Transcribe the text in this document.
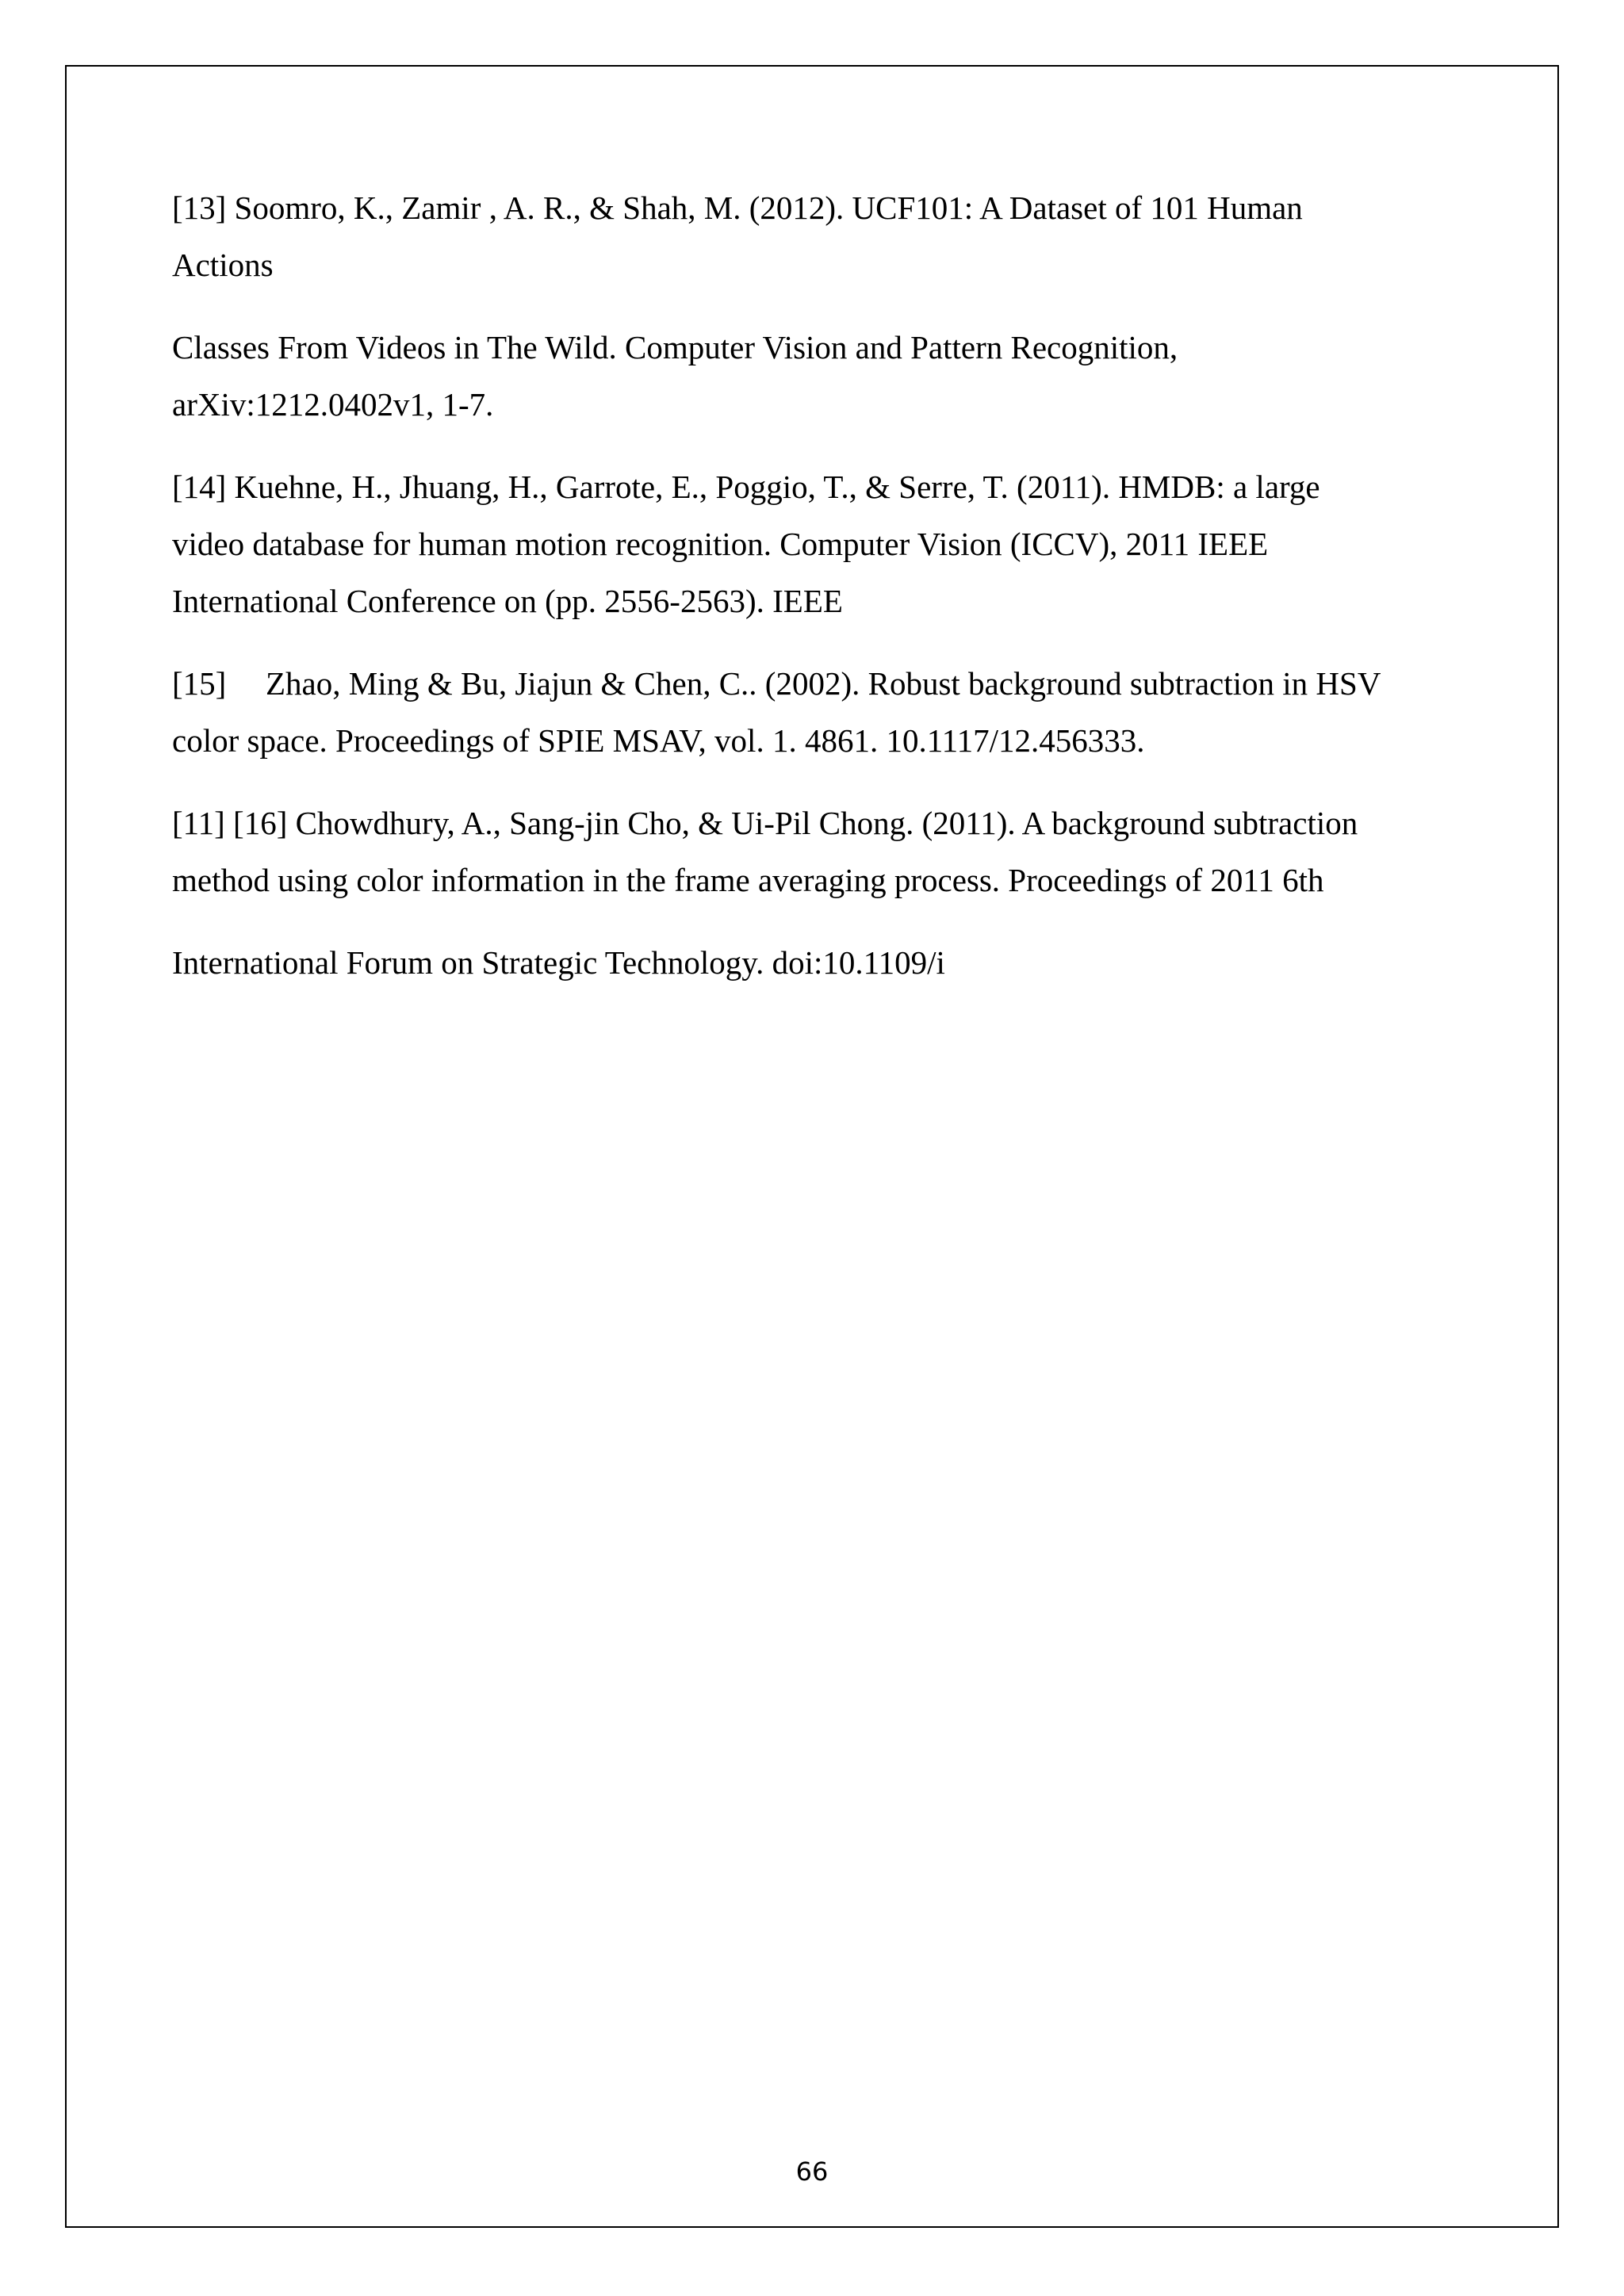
[13] Soomro, K., Zamir , A. R., & Shah, M. (2012). UCF101: A Dataset of 101 Human
Actions
Classes From Videos in The Wild. Computer Vision and Pattern Recognition,
arXiv:1212.0402v1, 1-7.
[14] Kuehne, H., Jhuang, H., Garrote, E., Poggio, T., & Serre, T. (2011). HMDB: a large
video database for human motion recognition. Computer Vision (ICCV), 2011 IEEE
International Conference on (pp. 2556-2563). IEEE
[15] Zhao, Ming & Bu, Jiajun & Chen, C.. (2002). Robust background subtraction in HSV
color space. Proceedings of SPIE MSAV, vol. 1. 4861. 10.1117/12.456333.
[11] [16] Chowdhury, A., Sang-jin Cho, & Ui-Pil Chong. (2011). A background subtraction
method using color information in the frame averaging process. Proceedings of 2011 6th
International Forum on Strategic Technology. doi:10.1109/i
66
